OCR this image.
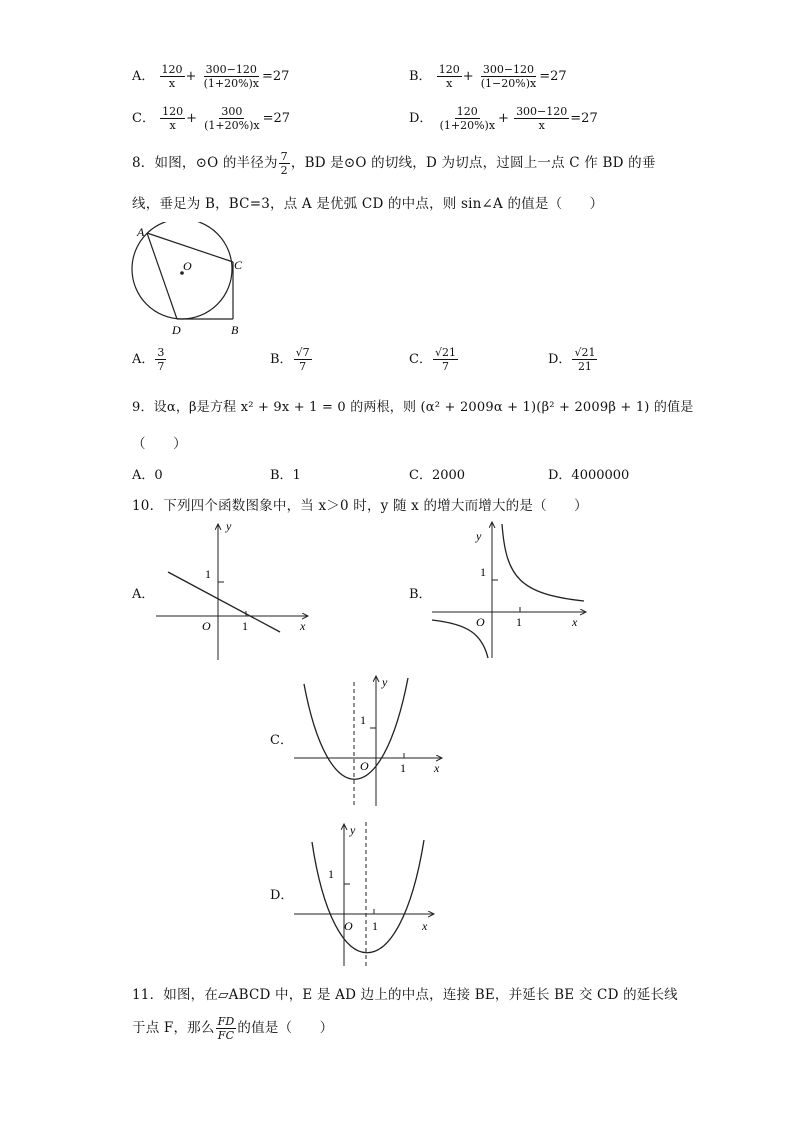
A． $\frac{120}{x} + \frac{300-120}{(1+20\%)x} =27$	B． $\frac{120}{x} + \frac{300-120}{(1-20\%)x} =27$
C． $\frac{120}{x} + \frac{300}{(1+20\%)x} =27$	D． $\frac{120}{(1+20\%)x} + \frac{300-120}{x} =27$
8．如图，⊙O 的半径为 $\frac{7}{2}$ ，BD 是⊙O 的切线，D 为切点，过圆上一点 C 作 BD 的垂
线，垂足为 B，BC=3，点 A 是优弧 CD 的中点，则 sin∠A 的值是（　　）
A
O	C
D	B
A． $\frac{3}{7}$	B． $\frac{√7}{7}$	C． $\frac{√21}{7}$	D． $\frac{√21}{21}$
9．设α，β是方程 x² + 9x + 1 = 0 的两根，则 (α² + 2009α + 1)(β² + 2009β + 1) 的值是
（　　）
A．0	B．1	C．2000	D．4000000
10．下列四个函数图象中，当 x＞0 时，y 随 x 的增大而增大的是（　　）
A．
y
x
O	1
1
B．
y
x
O	1
1
C．
y
x
O	1
1
D．
y
x
O 1
1
11．如图，在▱ABCD 中，E 是 AD 边上的中点，连接 BE，并延长 BE 交 CD 的延长线
于点 F，那么 $\frac{FD}{FC}$ 的值是（　　）
